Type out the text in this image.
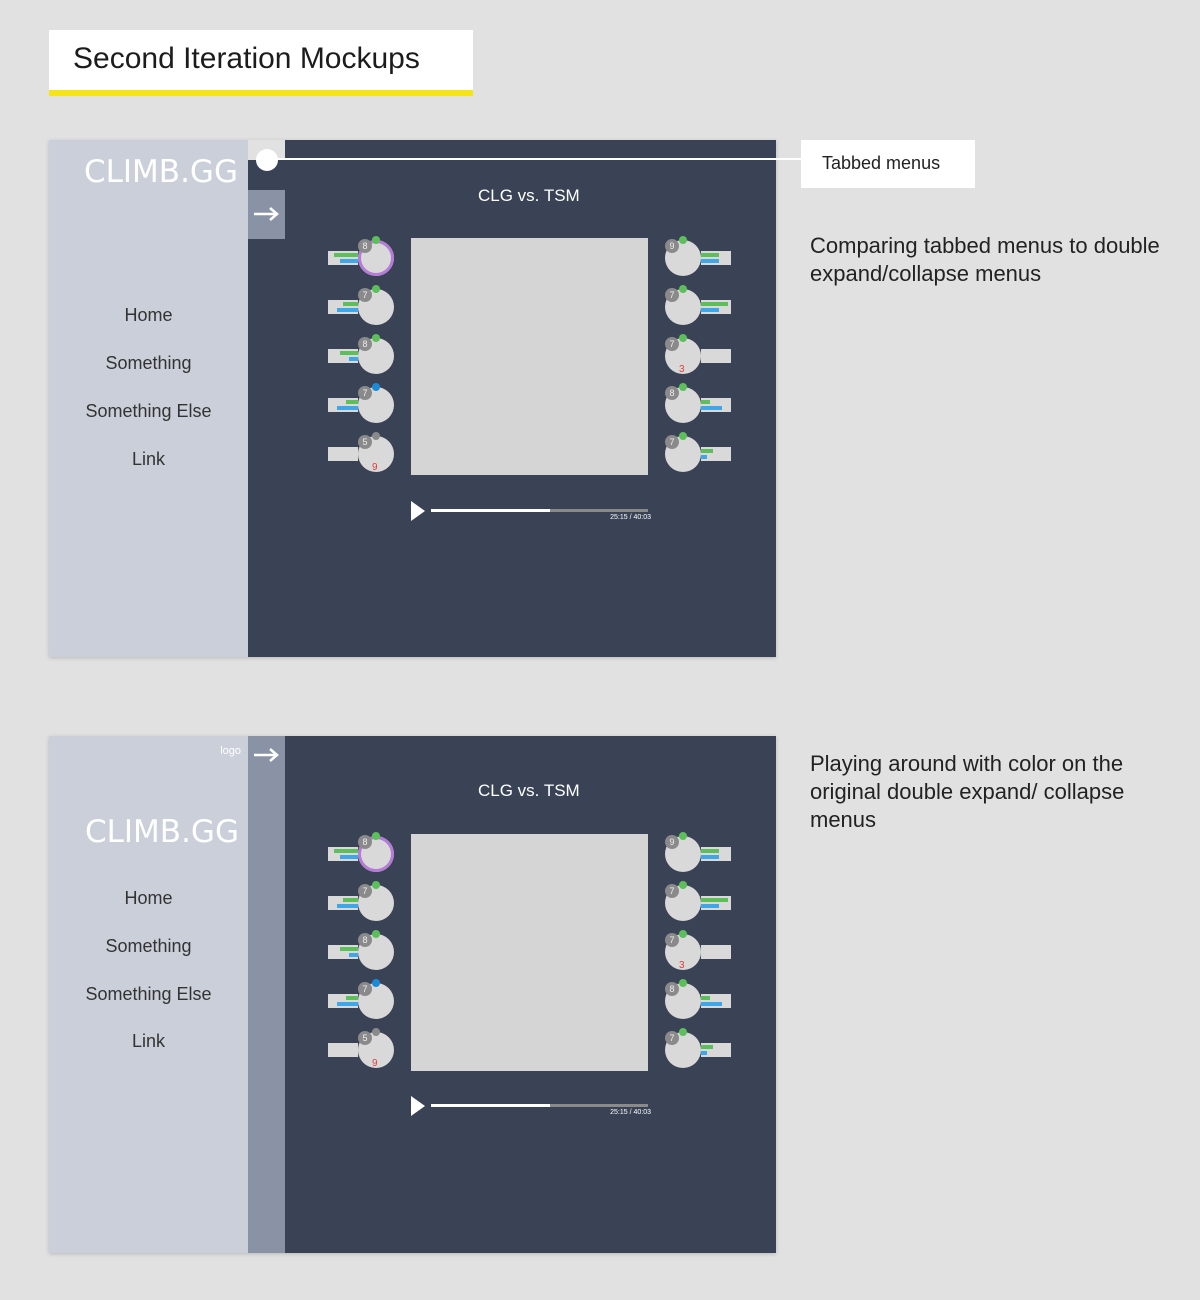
Second Iteration Mockups
CLIMB.GG
Home
Something
Something Else
Link
CLG vs. TSM
25:15 / 40:03
8
7
8
7
5
9
9
7
7
3
8
7
Tabbed menus
logo
CLIMB.GG
Home
Something
Something Else
Link
CLG vs. TSM
25:15 / 40:03
8
7
8
7
5
9
9
7
7
3
8
7
Comparing tabbed menus to double expand/collapse menus
Playing around with color on the original double expand/ collapse menus
